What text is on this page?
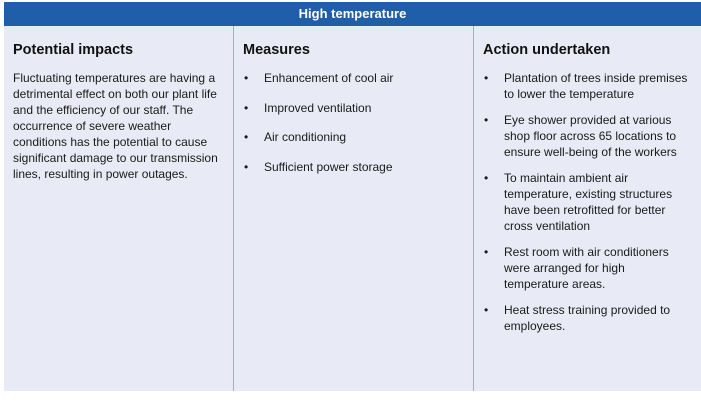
High temperature
Potential impacts

Fluctuating temperatures are having a detrimental effect on both our plant life and the efficiency of our staff. The occurrence of severe weather conditions has the potential to cause significant damage to our transmission lines, resulting in power outages.

Measures
• Enhancement of cool air
• Improved ventilation
• Air conditioning
• Sufficient power storage
Action undertaken
• Plantation of trees inside premises to lower the temperature
• Eye shower provided at various shop floor across 65 locations to ensure well-being of the workers
• To maintain ambient air temperature, existing structures have been retrofitted for better cross ventilation
• Rest room with air conditioners were arranged for high temperature areas.
• Heat stress training provided to employees.
